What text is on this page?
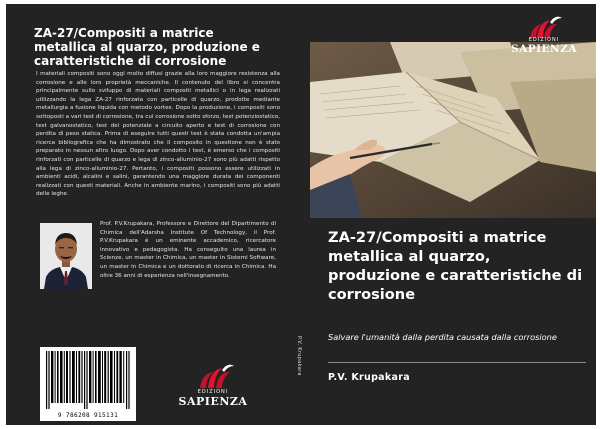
ZA-27/Compositi a matrice metallica al quarzo, produzione e caratteristiche di corrosione
I materiali compositi sono oggi molto diffusi grazie alla loro maggiore resistenza alla corrosione e alle loro proprietà meccaniche. Il contenuto del libro si concentra principalmente sullo sviluppo di materiali compositi metallici o in lega realizzati utilizzando la lega ZA-27 rinforzata con particelle di quarzo, prodotte mediante metallurgia a fusione liquida con metodo vortex. Dopo la produzione, i compositi sono sottoposti a vari test di corrosione, tra cui corrosione sotto sforzo, test potenziostatico, test galvanostatico, test del potenziale a circuito aperto e test di corrosione con perdita di peso statica. Prima di eseguire tutti questi test è stata condotta un'ampia ricerca bibliografica che ha dimostrato che il composito in questione non è stato preparato in nessun altro luogo. Dopo aver condotto i test, è emerso che i compositi rinforzati con particelle di quarzo e lega di zinco-alluminio-27 sono più adatti rispetto alla lega di zinco-alluminio-27. Pertanto, i compositi possono essere utilizzati in ambienti acidi, alcalini e salini, garantendo una maggiore durata dei componenti realizzati con questi materiali. Anche in ambiente marino, i compositi sono più adatti delle leghe.
Prof. P.V.Krupakara, Professore e Direttore del Dipartimento di Chimica dell'Adarsha Institute Of Technology, il Prof. P.V.Krupakara è un eminente accademico, ricercatore innovativo e pedagogista. Ha conseguito una laurea in Scienze, un master in Chimica, un master in Sistemi Software, un master in Chimica e un dottorato di ricerca in Chimica. Ha oltre 36 anni di esperienza nell'insegnamento.
9 786208 915131
EDIZIONI
SAPIENZA
P.V. Krupakara
EDIZIONI
SAPIENZA
ZA-27/Compositi a matrice metallica al quarzo, produzione e caratteristiche di corrosione
Salvare l'umanità dalla perdita causata dalla corrosione
P.V. Krupakara
